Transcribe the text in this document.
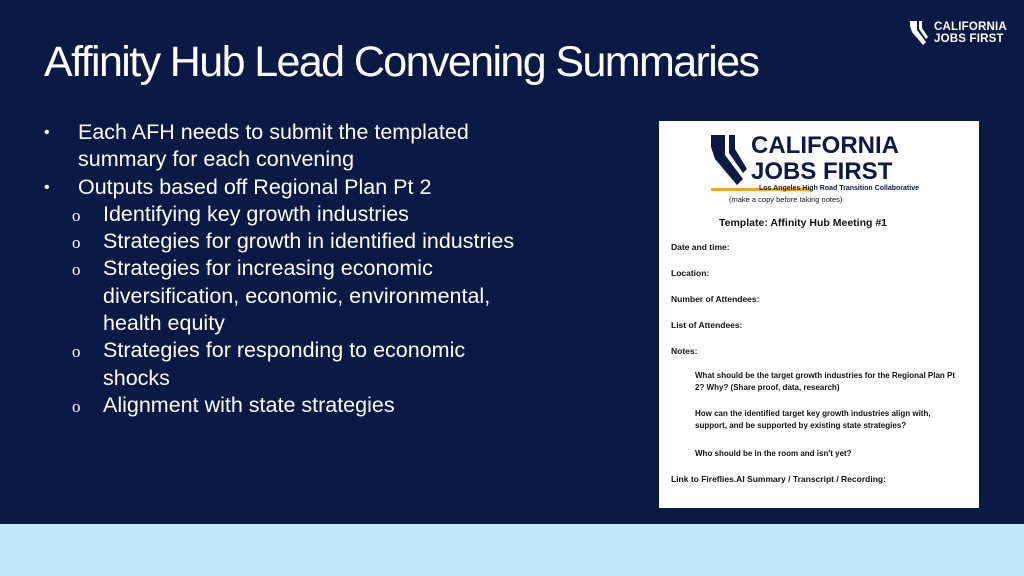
Affinity Hub Lead Convening Summaries
CALIFORNIA
JOBS FIRST
• Each AFH needs to submit the templated
summary for each convening
• Outputs based off Regional Plan Pt 2
o Identifying key growth industries
o Strategies for growth in identified industries
o Strategies for increasing economic
diversification, economic, environmental,
health equity
o Strategies for responding to economic
shocks
o Alignment with state strategies
CALIFORNIA
JOBS FIRST
Los Angeles High Road Transition Collaborative
(make a copy before taking notes)
Template: Affinity Hub Meeting #1
Date and time:
Location:
Number of Attendees:
List of Attendees:
Notes:
What should be the target growth industries for the Regional Plan Pt 2? Why? (Share proof, data, research)
How can the identified target key growth industries align with, support, and be supported by existing state strategies?
Who should be in the room and isn't yet?
Link to Fireflies.AI Summary / Transcript / Recording:
